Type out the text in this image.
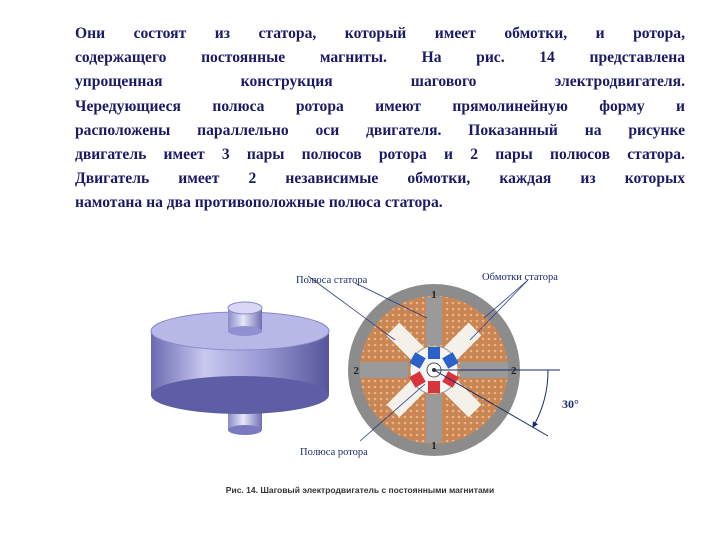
Они состоят из статора, который имеет обмотки, и ротора,
содержащего постоянные магниты. На рис. 14 представлена
упрощенная конструкция шагового электродвигателя.
Чередующиеся полюса ротора имеют прямолинейную форму и
расположены параллельно оси двигателя. Показанный на рисунке
двигатель имеет 3 пары полюсов ротора и 2 пары полюсов статора.
Двигатель имеет 2 независимые обмотки, каждая из которых
намотана на два противоположные полюса статора.

1
1
2	2
30°
Полюса статора	Обмотки статора
Полюса ротора
Рис. 14. Шаговый электродвигатель с постоянными магнитами
